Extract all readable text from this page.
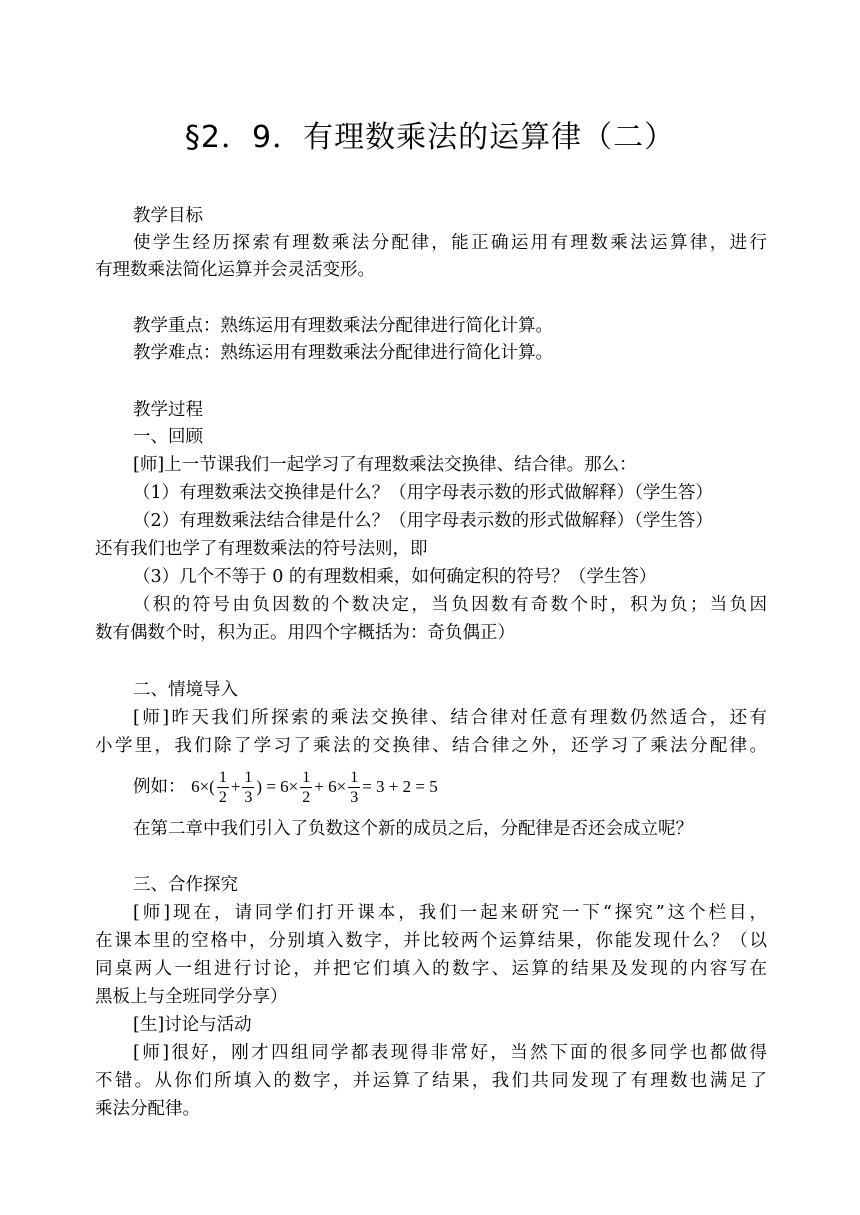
§2．9．有理数乘法的运算律（二）
教学目标
使学生经历探索有理数乘法分配律，能正确运用有理数乘法运算律，进行
有理数乘法简化运算并会灵活变形。
教学重点：熟练运用有理数乘法分配律进行简化计算。
教学难点：熟练运用有理数乘法分配律进行简化计算。
教学过程
一、回顾
[师]上一节课我们一起学习了有理数乘法交换律、结合律。那么：
（1）有理数乘法交换律是什么？（用字母表示数的形式做解释）（学生答）
（2）有理数乘法结合律是什么？（用字母表示数的形式做解释）（学生答）
还有我们也学了有理数乘法的符号法则，即
（3）几个不等于 0 的有理数相乘，如何确定积的符号？（学生答）
（积的符号由负因数的个数决定，当负因数有奇数个时，积为负；当负因
数有偶数个时，积为正。用四个字概括为：奇负偶正）
二、情境导入
[师]昨天我们所探索的乘法交换律、结合律对任意有理数仍然适合，还有
小学里，我们除了学习了乘法的交换律、结合律之外，还学习了乘法分配律。
例如： $6\times( \frac{1}{2} + \frac{1}{3}$ ) = $6\times \frac{1}{2} + 6\times \frac{1}{3} = 3 + 2 = 5$
在第二章中我们引入了负数这个新的成员之后，分配律是否还会成立呢？
三、合作探究
[师]现在，请同学们打开课本，我们一起来研究一下“探究”这个栏目，
在课本里的空格中，分别填入数字，并比较两个运算结果，你能发现什么？（以
同桌两人一组进行讨论，并把它们填入的数字、运算的结果及发现的内容写在
黑板上与全班同学分享）
[生]讨论与活动
[师]很好，刚才四组同学都表现得非常好，当然下面的很多同学也都做得
不错。从你们所填入的数字，并运算了结果，我们共同发现了有理数也满足了
乘法分配律。
